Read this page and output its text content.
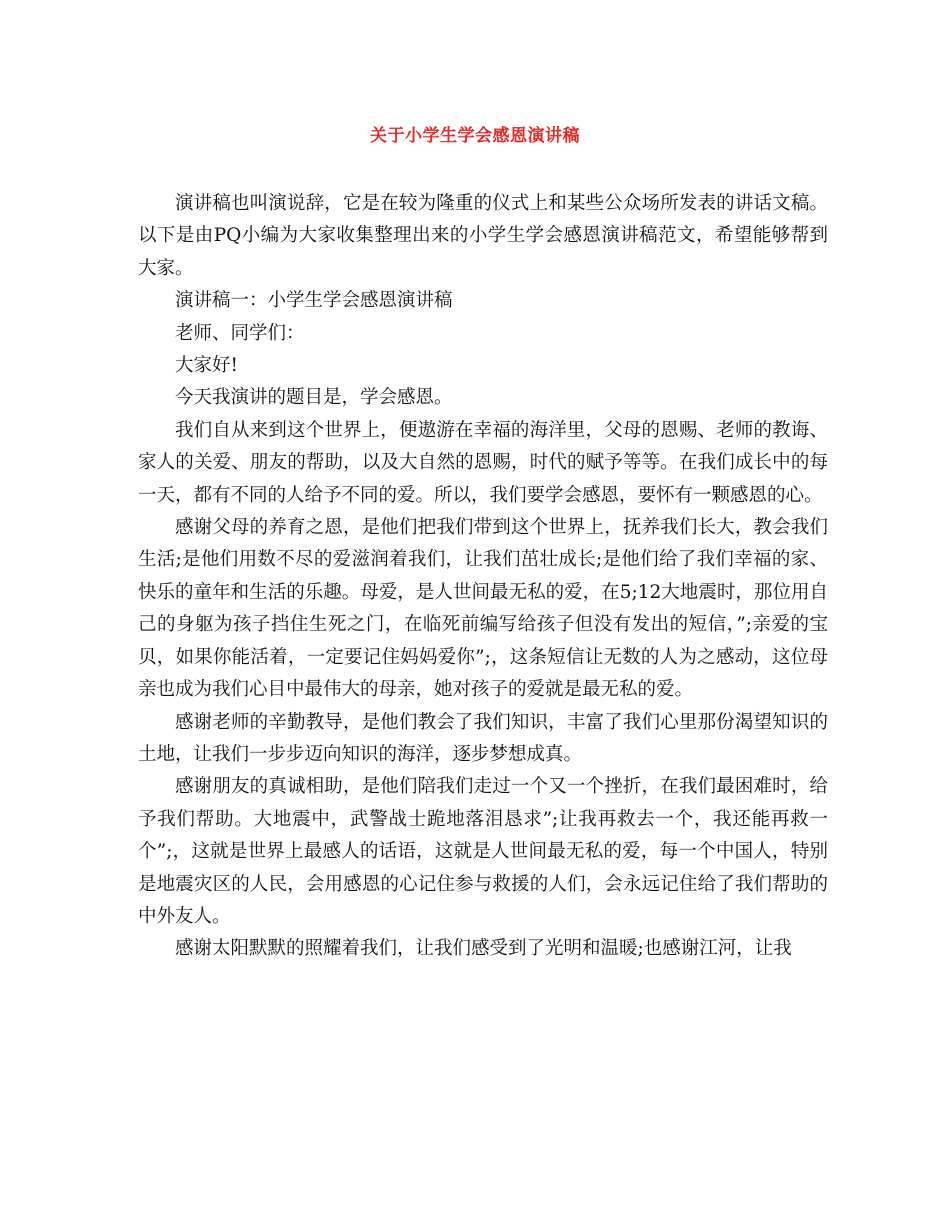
关于小学生学会感恩演讲稿

演讲稿也叫演说辞，它是在较为隆重的仪式上和某些公众场所发表的讲话文稿。以下是由PQ小编为大家收集整理出来的小学生学会感恩演讲稿范文，希望能够帮到大家。

演讲稿一：小学生学会感恩演讲稿

老师、同学们：

大家好!

今天我演讲的题目是，学会感恩。

我们自从来到这个世界上，便遨游在幸福的海洋里，父母的恩赐、老师的教诲、家人的关爱、朋友的帮助，以及大自然的恩赐，时代的赋予等等。在我们成长中的每一天，都有不同的人给予不同的爱。所以，我们要学会感恩，要怀有一颗感恩的心。

感谢父母的养育之恩，是他们把我们带到这个世界上，抚养我们长大，教会我们生活;是他们用数不尽的爱滋润着我们，让我们茁壮成长;是他们给了我们幸福的家、快乐的童年和生活的乐趣。母爱，是人世间最无私的爱，在5;12大地震时，那位用自己的身躯为孩子挡住生死之门，在临死前编写给孩子但没有发出的短信，”;亲爱的宝贝，如果你能活着，一定要记住妈妈爱你”;，这条短信让无数的人为之感动，这位母亲也成为我们心目中最伟大的母亲，她对孩子的爱就是最无私的爱。

感谢老师的辛勤教导，是他们教会了我们知识，丰富了我们心里那份渴望知识的土地，让我们一步步迈向知识的海洋，逐步梦想成真。

感谢朋友的真诚相助，是他们陪我们走过一个又一个挫折，在我们最困难时，给予我们帮助。大地震中，武警战士跪地落泪恳求”;让我再救去一个，我还能再救一个”;，这就是世界上最感人的话语，这就是人世间最无私的爱，每一个中国人，特别是地震灾区的人民，会用感恩的心记住参与救援的人们，会永远记住给了我们帮助的中外友人。

感谢太阳默默的照耀着我们，让我们感受到了光明和温暖;也感谢江河，让我
